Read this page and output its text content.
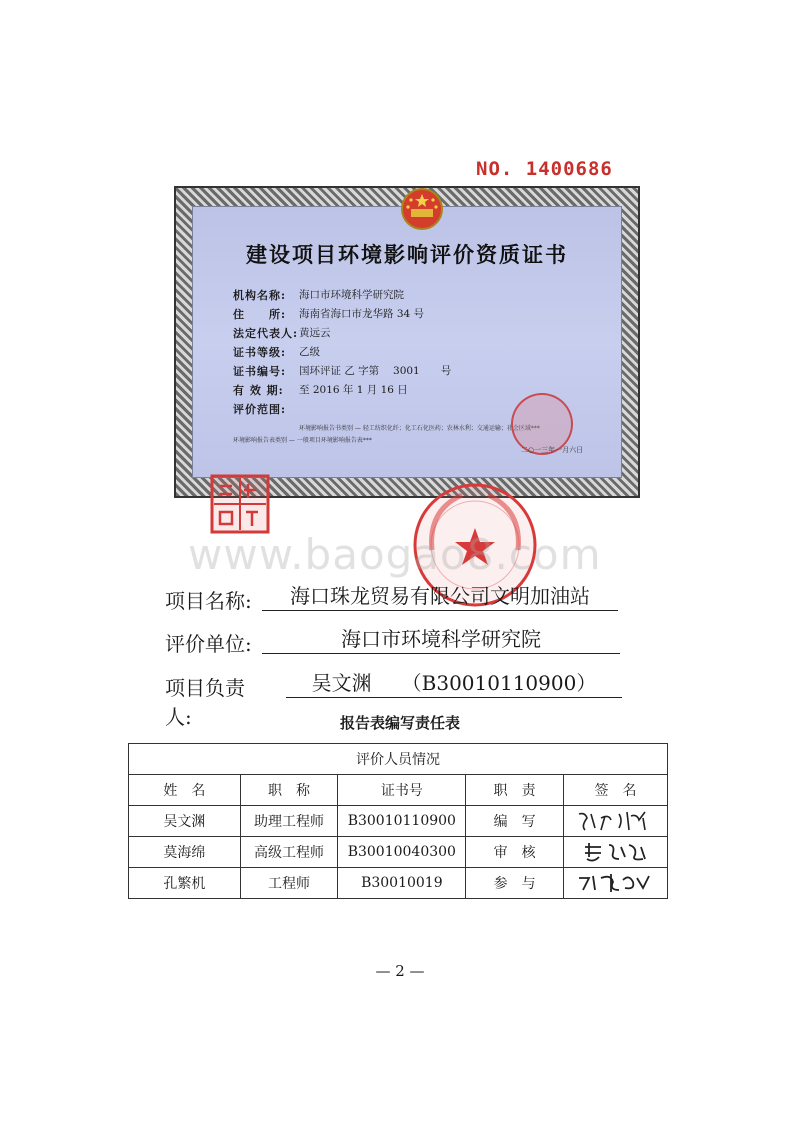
NO. 1400686
建设项目环境影响评价资质证书
机构名称:	海口市环境科学研究院
住　　所:	海南省海口市龙华路 34 号
法定代表人: 黄远云
证书等级:	乙级
证书编号:	国环评证 乙 字第　 3001　　号
有 效 期:	至 2016 年 1 月 16 日
评价范围:
环境影响报告书类别 — 轻工纺织化纤；化工石化医药；农林水利；交通运输；社会区域***
环境影响报告表类别 — 一般项目环境影响报告表***
二○一三年一月六日
www.baogao8.com
项目名称:	海口珠龙贸易有限公司文明加油站
评价单位:	海口市环境科学研究院
项目负责人:
吴文渊　　（B30010110900）
报告表编写责任表
评价人员情况				
姓　名	职　称	证书号	职　责	签　名
吴文渊	助理工程师	B30010110900	编　写	

莫海绵	高级工程师	B30010040300	审　核	

孔繁机	工程师	B30010019	参　与	
— 2 —
